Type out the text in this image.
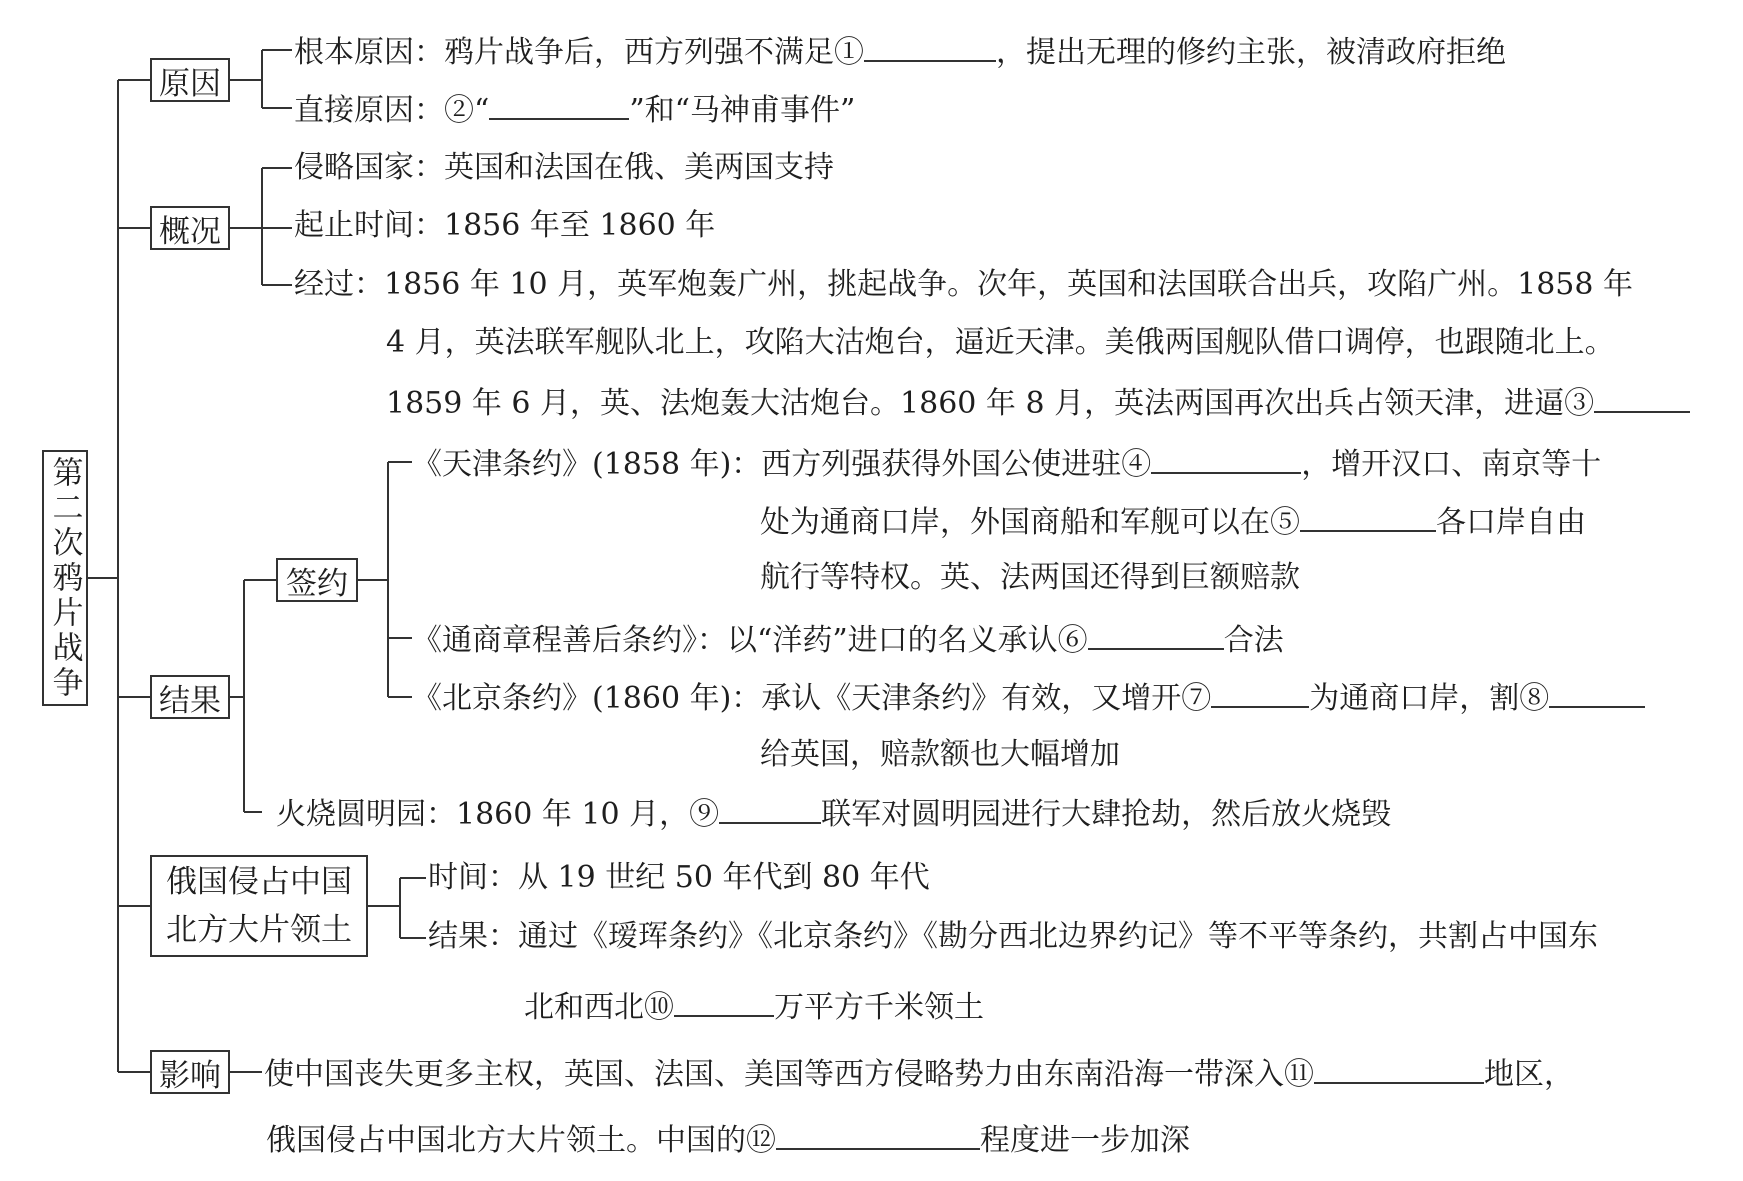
第二次鸦片战争
原因
根本原因：鸦片战争后，西方列强不满足①	，提出无理的修约主张，被清政府拒绝
直接原因：②“	”和“马神甫事件”
概况
侵略国家：英国和法国在俄、美两国支持
起止时间：1856 年至 1860 年
经过：1856 年 10 月，英军炮轰广州，挑起战争。次年，英国和法国联合出兵，攻陷广州。1858 年
4 月，英法联军舰队北上，攻陷大沽炮台，逼近天津。美俄两国舰队借口调停，也跟随北上。
1859 年 6 月，英、法炮轰大沽炮台。1860 年 8 月，英法两国再次出兵占领天津，进逼③
结果
签约
《天津条约》(1858 年)：西方列强获得外国公使进驻④	，增开汉口、南京等十
处为通商口岸，外国商船和军舰可以在⑤	各口岸自由
航行等特权。英、法两国还得到巨额赔款
《通商章程善后条约》：以“洋药”进口的名义承认⑥	合法
《北京条约》(1860 年)：承认《天津条约》有效，又增开⑦	为通商口岸，割⑧
给英国，赔款额也大幅增加
火烧圆明园：1860 年 10 月，⑨	联军对圆明园进行大肆抢劫，然后放火烧毁
俄国侵占中国
北方大片领土
时间：从 19 世纪 50 年代到 80 年代
结果：通过《瑷珲条约》《北京条约》《勘分西北边界约记》等不平等条约，共割占中国东
北和西北⑩	万平方千米领土
影响	使中国丧失更多主权，英国、法国、美国等西方侵略势力由东南沿海一带深入⑪	地区，
俄国侵占中国北方大片领土。中国的⑫	程度进一步加深
